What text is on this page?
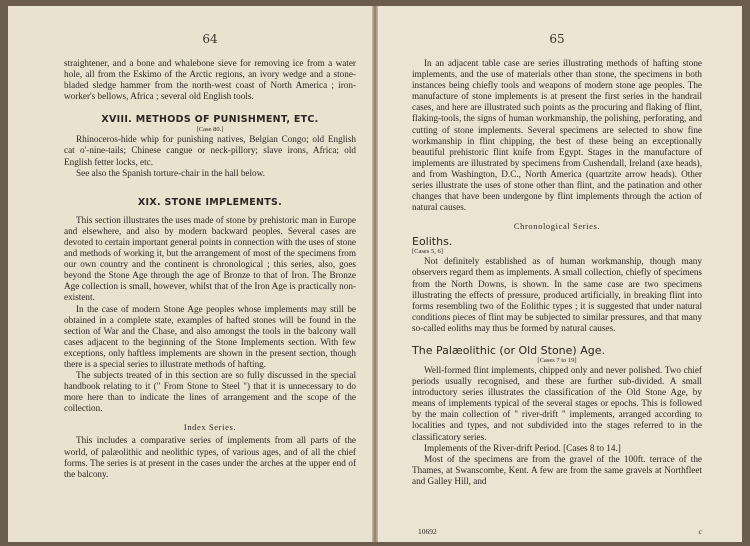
64

straightener, and a bone and whalebone sieve for removing ice from a water hole, all from the Eskimo of the Arctic regions, an ivory wedge and a stone-bladed sledge hammer from the north-west coast of North America ; iron-worker's bellows, Africa ; several old English tools.

XVIII. METHODS OF PUNISHMENT, ETC.
[Case 80.]

Rhinoceros-hide whip for punishing natives, Belgian Congo; old English cat o'-nine-tails; Chinese cangue or neck-pillory; slave irons, Africa; old English fetter locks, etc.

See also the Spanish torture-chair in the hall below.

XIX. STONE IMPLEMENTS.

This section illustrates the uses made of stone by prehistoric man in Europe and elsewhere, and also by modern backward peoples. Several cases are devoted to certain important general points in connection with the uses of stone and methods of working it, but the arrangement of most of the specimens from our own country and the continent is chronological ; this series, also, goes beyond the Stone Age through the age of Bronze to that of Iron. The Bronze Age collection is small, however, whilst that of the Iron Age is practically non-existent.

In the case of modern Stone Age peoples whose implements may still be obtained in a complete state, examples of hafted stones will be found in the section of War and the Chase, and also amongst the tools in the balcony wall cases adjacent to the beginning of the Stone Implements section. With few exceptions, only haftless implements are shown in the present section, though there is a special series to illustrate methods of hafting.

The subjects treated of in this section are so fully discussed in the special handbook relating to it (" From Stone to Steel ") that it is unnecessary to do more here than to indicate the lines of arrangement and the scope of the collection.

Index Series.

This includes a comparative series of implements from all parts of the world, of palæolithic and neolithic types, of various ages, and of all the chief forms. The series is at present in the cases under the arches at the upper end of the balcony.

65

In an adjacent table case are series illustrating methods of hafting stone implements, and the use of materials other than stone, the specimens in both instances being chiefly tools and weapons of modern stone age peoples. The manufacture of stone implements is at present the first series in the handrail cases, and here are illustrated such points as the procuring and flaking of flint, flaking-tools, the signs of human workmanship, the polishing, perforating, and cutting of stone implements. Several specimens are selected to show fine workmanship in flint chipping, the best of these being an exceptionally beautiful prehistoric flint knife from Egypt. Stages in the manufacture of implements are illustrated by specimens from Cushendall, Ireland (axe heads), and from Washington, D.C., North America (quartzite arrow heads). Other series illustrate the uses of stone other than flint, and the patination and other changes that have been undergone by flint implements through the action of natural causes.

Chronological Series.
Eoliths.
[Cases 5, 6]

Not definitely established as of human workmanship, though many observers regard them as implements. A small collection, chiefly of specimens from the North Downs, is shown. In the same case are two specimens illustrating the effects of pressure, produced artificially, in breaking flint into forms resembling two of the Eolithic types ; it is suggested that under natural conditions pieces of flint may be subjected to similar pressures, and that many so-called eoliths may thus be formed by natural causes.

The Palæolithic (or Old Stone) Age.
[Cases 7 to 19]

Well-formed flint implements, chipped only and never polished. Two chief periods usually recognised, and these are further sub-divided. A small introductory series illustrates the classification of the Old Stone Age, by means of implements typical of the several stages or epochs. This is followed by the main collection of " river-drift " implements, arranged according to localities and types, and not subdivided into the stages referred to in the classificatory series.

Implements of the River-drift Period. [Cases 8 to 14.]

Most of the specimens are from the gravel of the 100ft. terrace of the Thames, at Swanscombe, Kent. A few are from the same gravels at Northfleet and Galley Hill, and

10692	c
